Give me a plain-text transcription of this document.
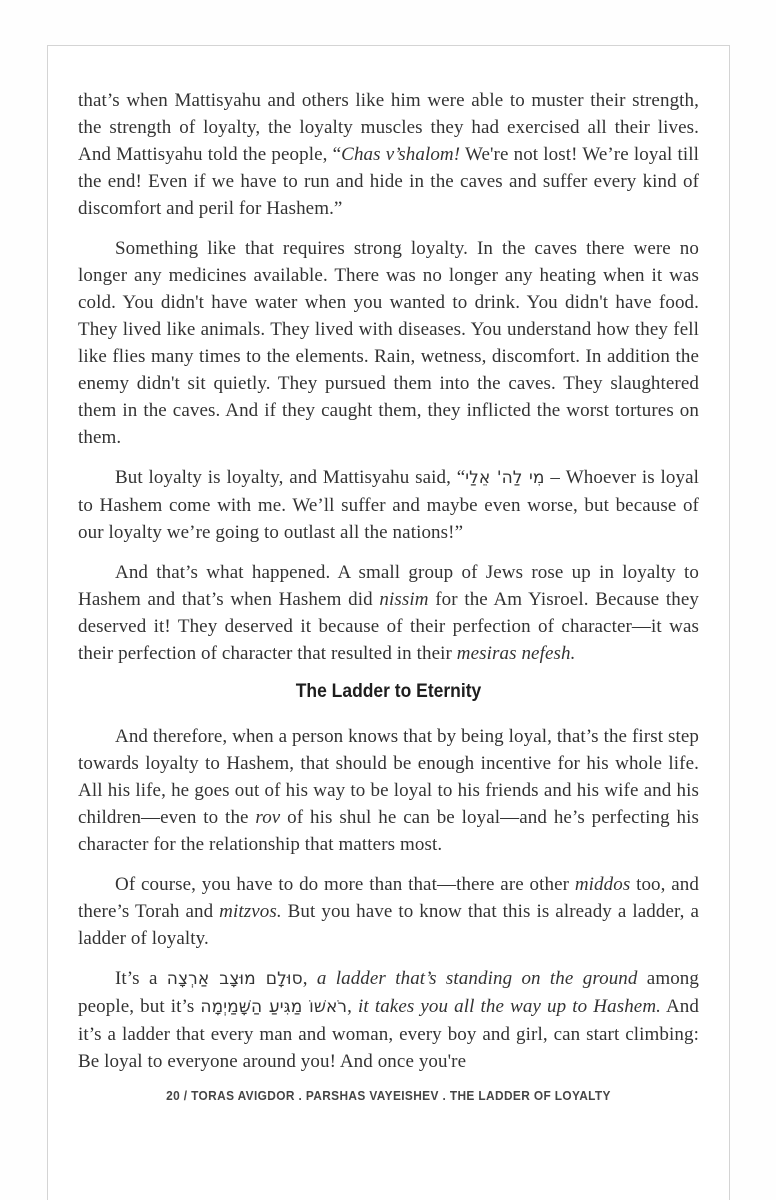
that’s when Mattisyahu and others like him were able to muster their strength, the strength of loyalty, the loyalty muscles they had exercised all their lives. And Mattisyahu told the people, “Chas v’shalom! We're not lost! We’re loyal till the end! Even if we have to run and hide in the caves and suffer every kind of discomfort and peril for Hashem.”

Something like that requires strong loyalty. In the caves there were no longer any medicines available. There was no longer any heating when it was cold. You didn't have water when you wanted to drink. You didn't have food. They lived like animals. They lived with diseases. You understand how they fell like flies many times to the elements. Rain, wetness, discomfort. In addition the enemy didn't sit quietly. They pursued them into the caves. They slaughtered them in the caves. And if they caught them, they inflicted the worst tortures on them.

But loyalty is loyalty, and Mattisyahu said, “מִי לַה' אֵלַי – Whoever is loyal to Hashem come with me. We’ll suffer and maybe even worse, but because of our loyalty we’re going to outlast all the nations!”

And that’s what happened. A small group of Jews rose up in loyalty to Hashem and that’s when Hashem did nissim for the Am Yisroel. Because they deserved it! They deserved it because of their perfection of character—it was their perfection of character that resulted in their mesiras nefesh.

The Ladder to Eternity

And therefore, when a person knows that by being loyal, that’s the first step towards loyalty to Hashem, that should be enough incentive for his whole life. All his life, he goes out of his way to be loyal to his friends and his wife and his children—even to the rov of his shul he can be loyal—and he’s perfecting his character for the relationship that matters most.

Of course, you have to do more than that—there are other middos too, and there’s Torah and mitzvos. But you have to know that this is already a ladder, a ladder of loyalty.

It’s a סוּלָם מוּצָב אַרְצָה, a ladder that’s standing on the ground among people, but it’s רֹאשׁוֹ מַגִּיעַ הַשָּׁמַיְמָה, it takes you all the way up to Hashem. And it’s a ladder that every man and woman, every boy and girl, can start climbing: Be loyal to everyone around you! And once you're

20 / TORAS AVIGDOR . PARSHAS VAYEISHEV . THE LADDER OF LOYALTY
